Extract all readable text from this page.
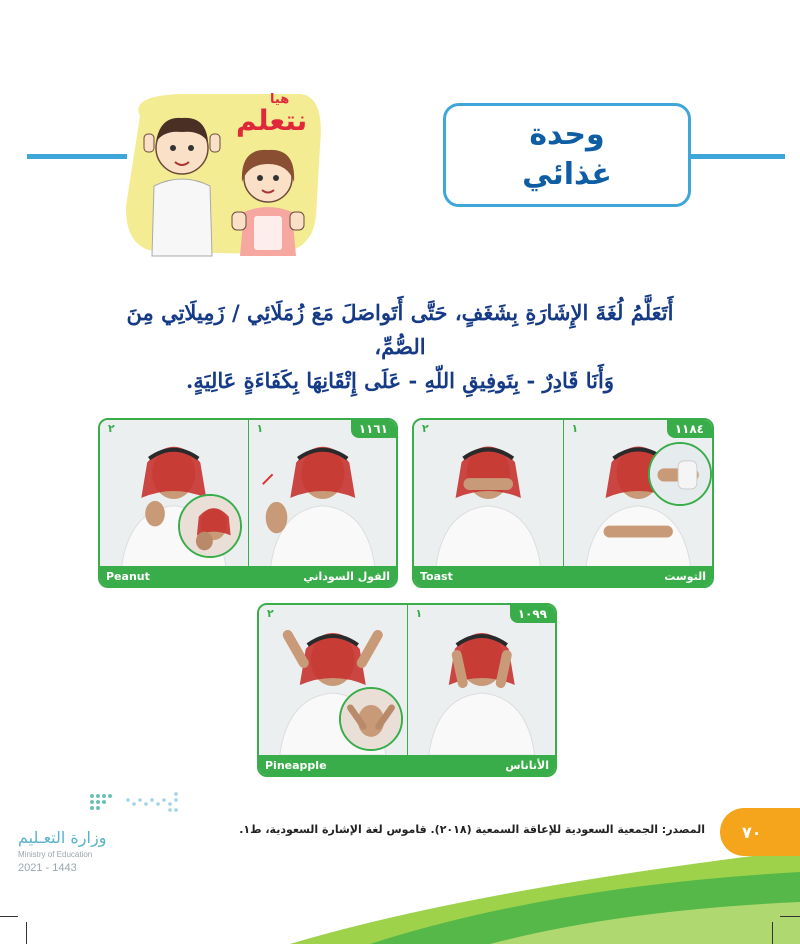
هيا
نتعلم	وحدة
غذائي
أَتَعَلَّمُ لُغَةَ الإِشَارَةِ بِشَغَفٍ، حَتَّى أَتَواصَلَ مَعَ زُمَلَائِي / زَمِيلَاتِي مِنَ الصُّمِّ،
وَأَنَا قَادِرٌ - بِتَوفِيقِ اللّهِ - عَلَى إِتْقَانِهَا بِكَفَاءَةٍ عَالِيَةٍ.
٢	١	١١٦١
Peanut	الفول السوداني
٢	١	١١٨٤
Toast	التوست
٢	١	١٠٩٩
Pineapple	الأناناس
وزارة التعـليم
Ministry of Education
2021 - 1443
المصدر: الجمعية السعودية للإعاقة السمعية (٢٠١٨). قاموس لغة الإشارة السعودية، ط١. ٧٠
